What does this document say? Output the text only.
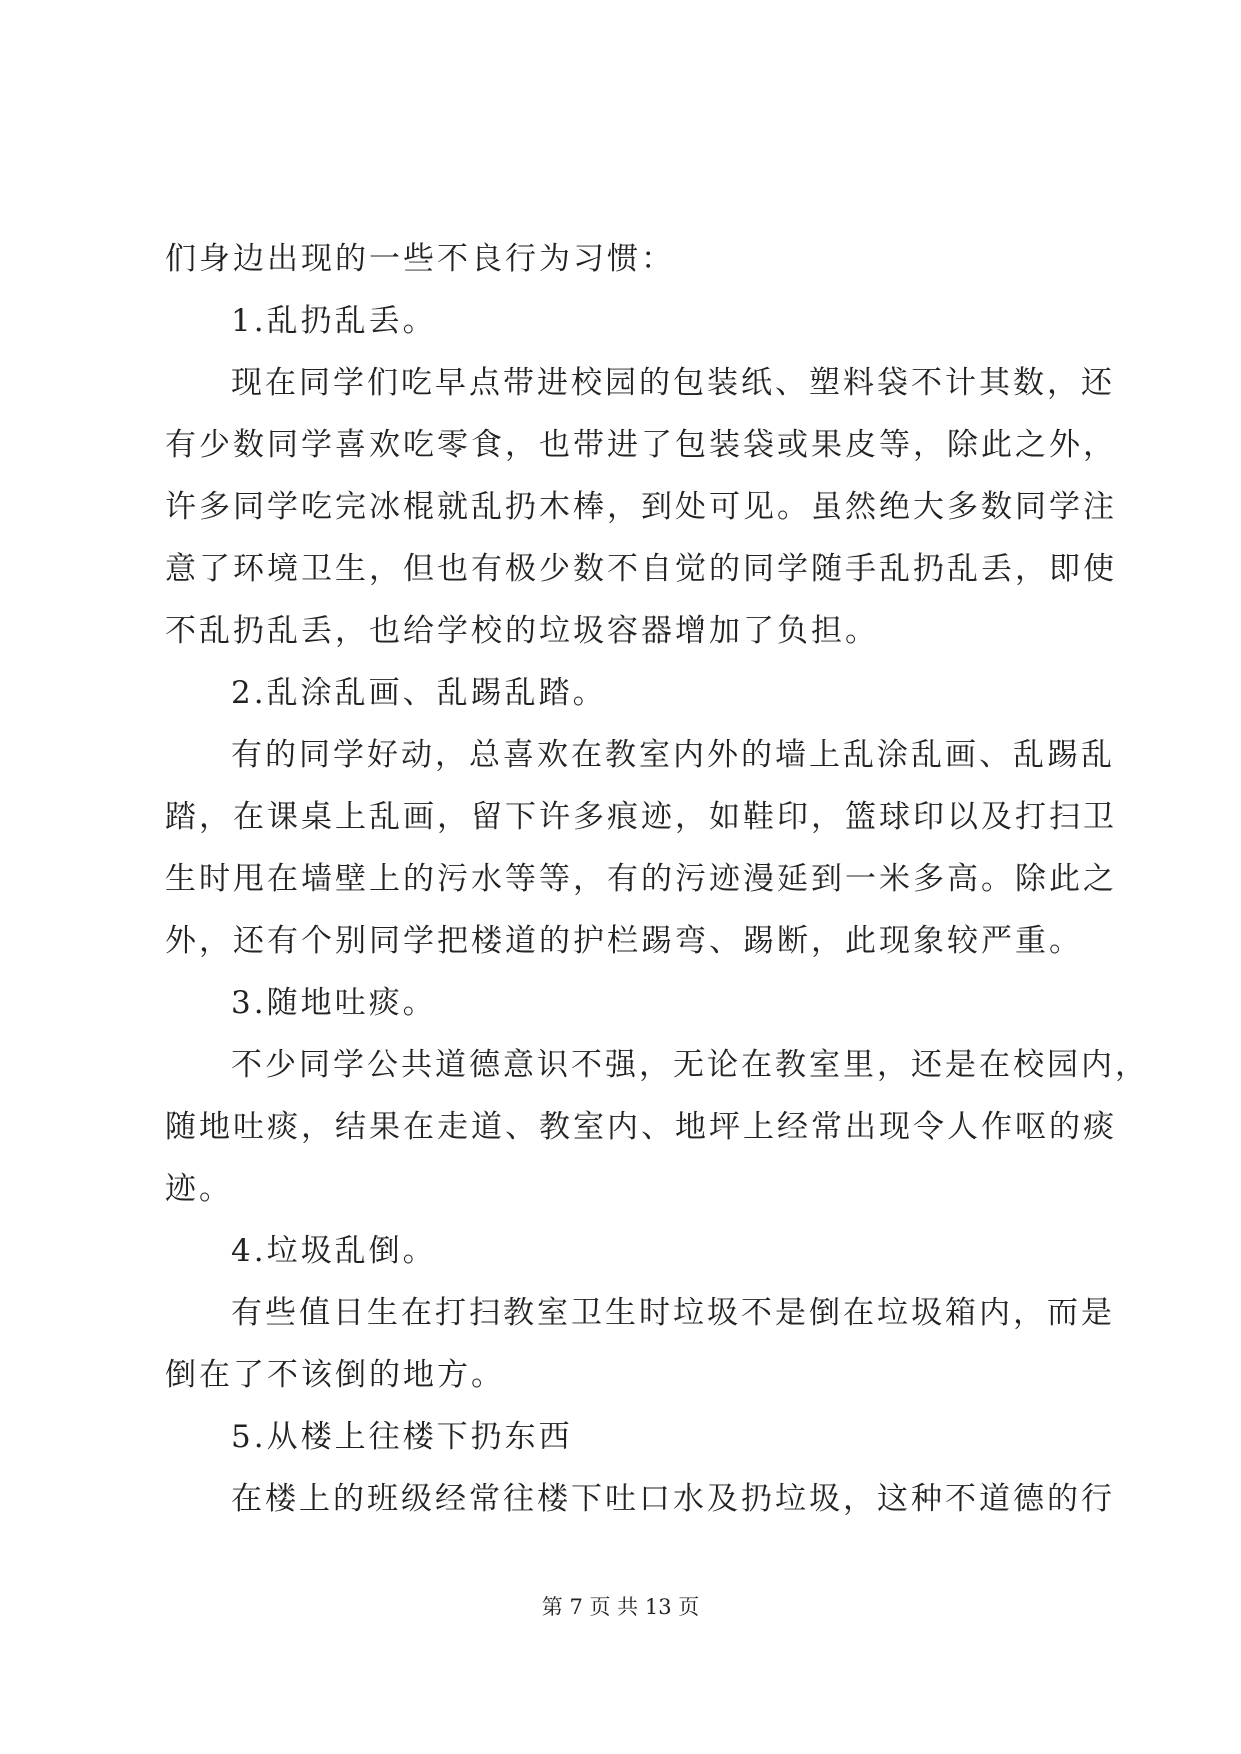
们身边出现的一些不良行为习惯：
1.乱扔乱丢。
现在同学们吃早点带进校园的包装纸、塑料袋不计其数，还
有少数同学喜欢吃零食，也带进了包装袋或果皮等，除此之外，
许多同学吃完冰棍就乱扔木棒，到处可见。虽然绝大多数同学注
意了环境卫生，但也有极少数不自觉的同学随手乱扔乱丢，即使
不乱扔乱丢，也给学校的垃圾容器增加了负担。
2.乱涂乱画、乱踢乱踏。
有的同学好动，总喜欢在教室内外的墙上乱涂乱画、乱踢乱
踏，在课桌上乱画，留下许多痕迹，如鞋印，篮球印以及打扫卫
生时甩在墙壁上的污水等等，有的污迹漫延到一米多高。除此之
外，还有个别同学把楼道的护栏踢弯、踢断，此现象较严重。
3.随地吐痰。
不少同学公共道德意识不强，无论在教室里，还是在校园内，
随地吐痰，结果在走道、教室内、地坪上经常出现令人作呕的痰
迹。
4.垃圾乱倒。
有些值日生在打扫教室卫生时垃圾不是倒在垃圾箱内，而是
倒在了不该倒的地方。
5.从楼上往楼下扔东西
在楼上的班级经常往楼下吐口水及扔垃圾，这种不道德的行
第 7 页 共 13 页
